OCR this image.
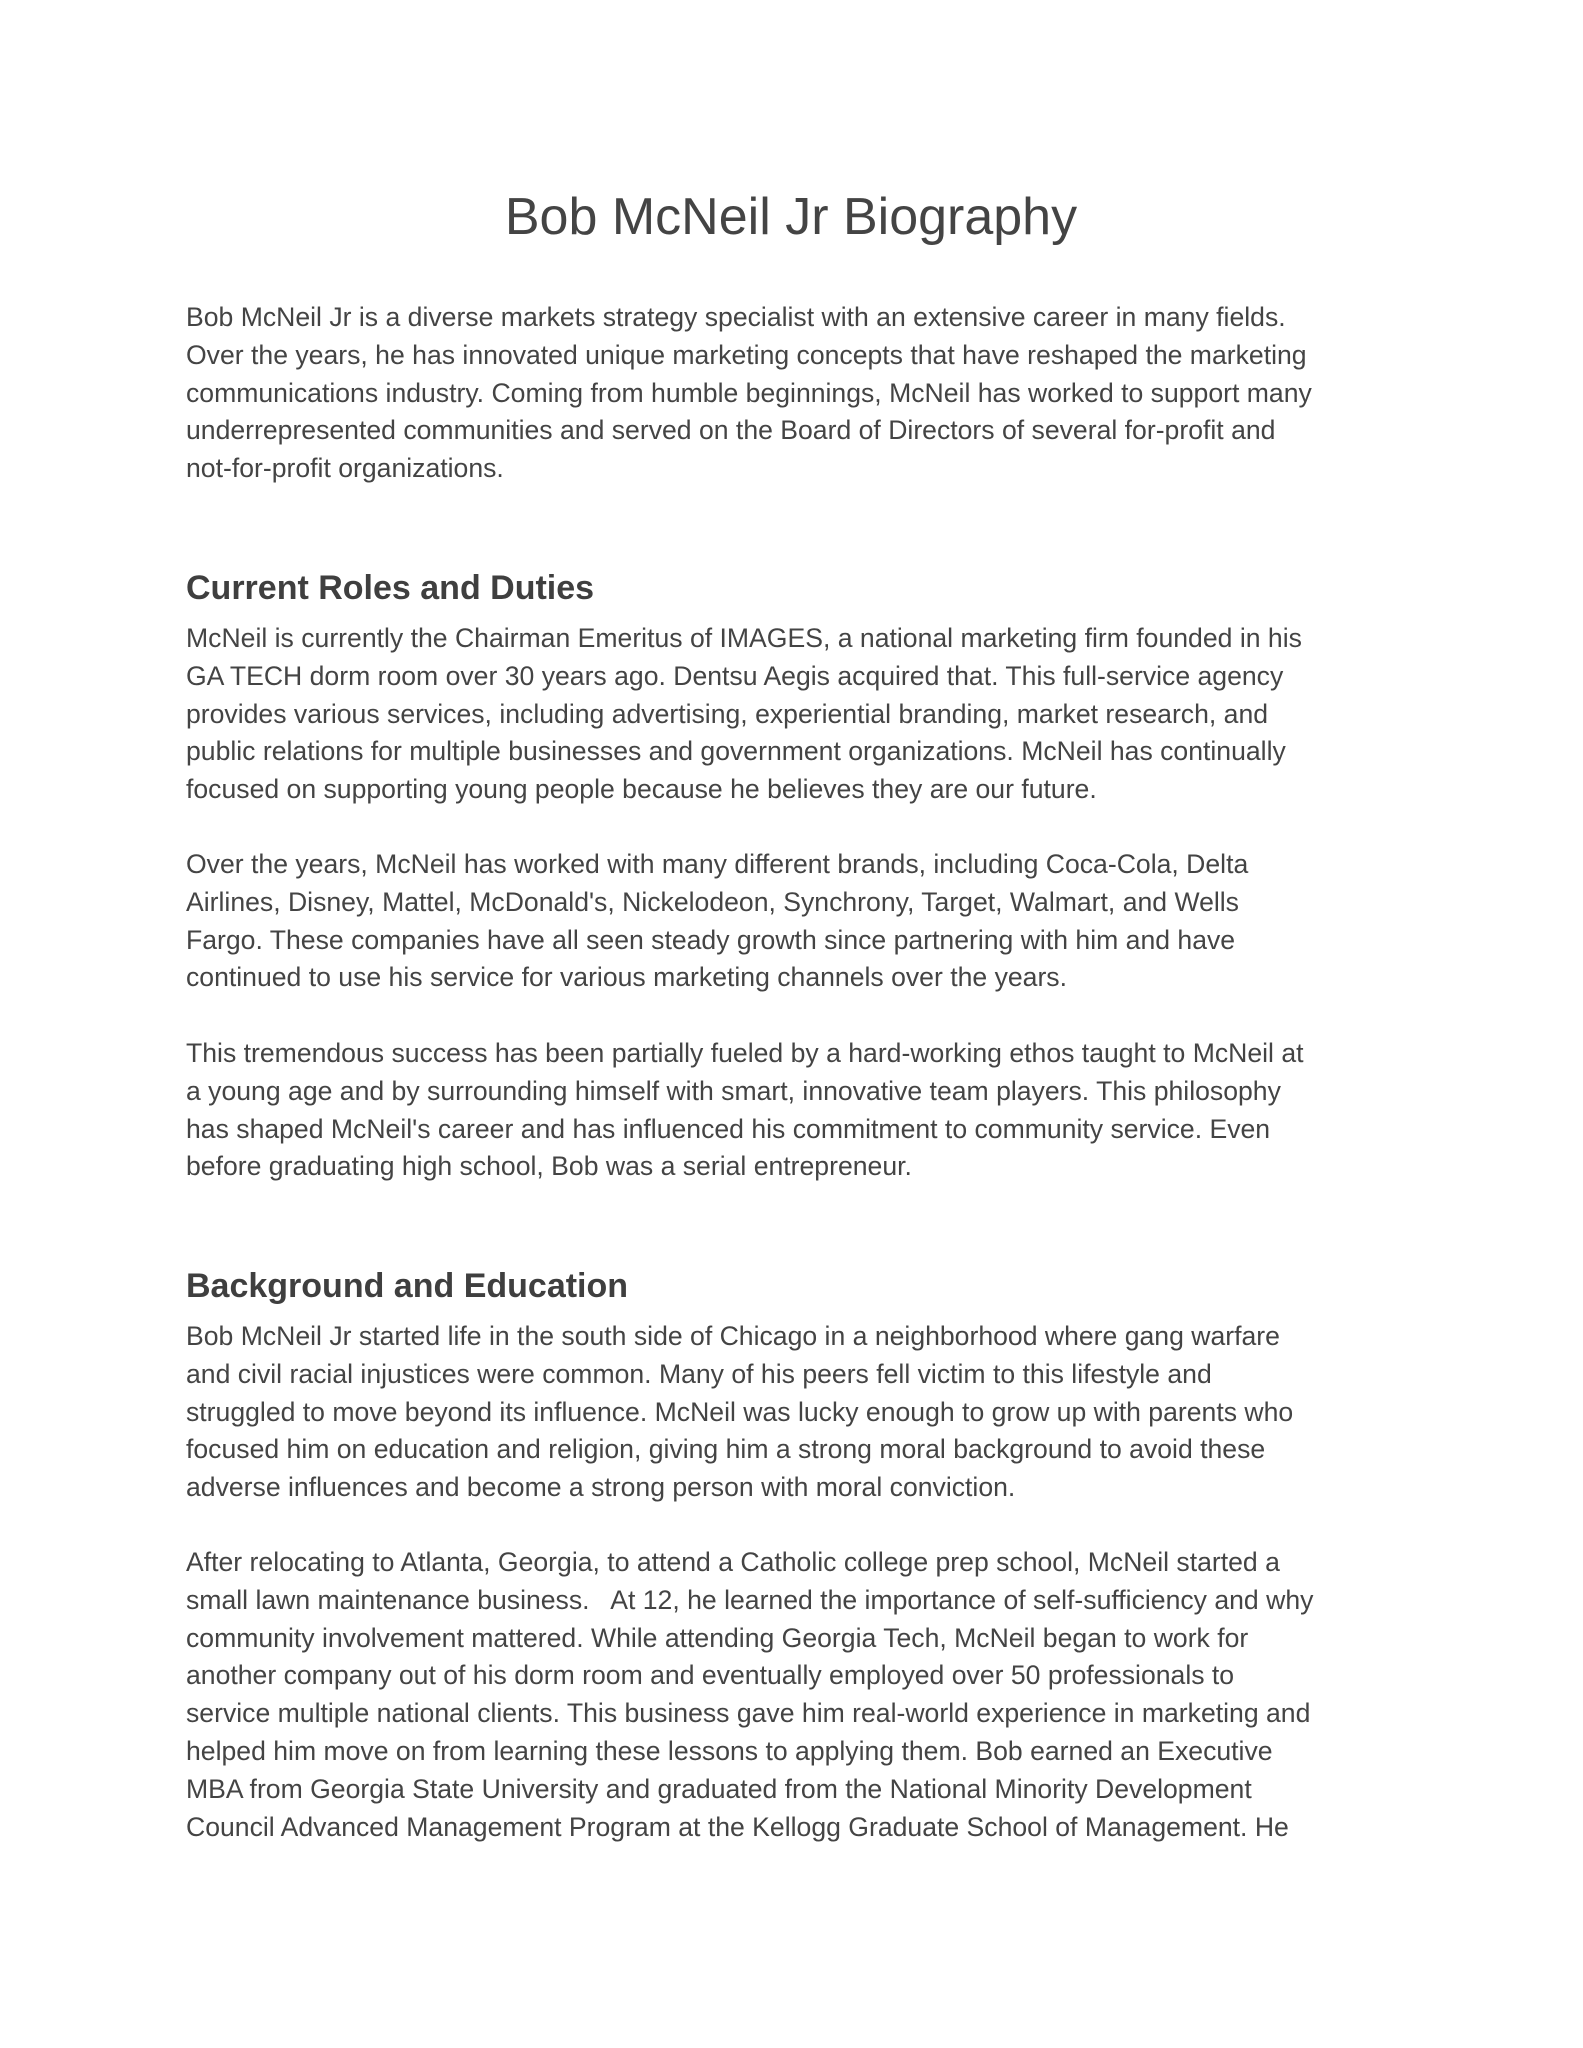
Bob McNeil Jr Biography

Bob McNeil Jr is a diverse markets strategy specialist with an extensive career in many fields.
Over the years, he has innovated unique marketing concepts that have reshaped the marketing
communications industry. Coming from humble beginnings, McNeil has worked to support many
underrepresented communities and served on the Board of Directors of several for-profit and
not-for-profit organizations.

Current Roles and Duties

McNeil is currently the Chairman Emeritus of IMAGES, a national marketing firm founded in his
GA TECH dorm room over 30 years ago. Dentsu Aegis acquired that. This full-service agency
provides various services, including advertising, experiential branding, market research, and
public relations for multiple businesses and government organizations. McNeil has continually
focused on supporting young people because he believes they are our future.

Over the years, McNeil has worked with many different brands, including Coca-Cola, Delta
Airlines, Disney, Mattel, McDonald's, Nickelodeon, Synchrony, Target, Walmart, and Wells
Fargo. These companies have all seen steady growth since partnering with him and have
continued to use his service for various marketing channels over the years.

This tremendous success has been partially fueled by a hard-working ethos taught to McNeil at
a young age and by surrounding himself with smart, innovative team players. This philosophy
has shaped McNeil's career and has influenced his commitment to community service. Even
before graduating high school, Bob was a serial entrepreneur.

Background and Education

Bob McNeil Jr started life in the south side of Chicago in a neighborhood where gang warfare
and civil racial injustices were common. Many of his peers fell victim to this lifestyle and
struggled to move beyond its influence. McNeil was lucky enough to grow up with parents who
focused him on education and religion, giving him a strong moral background to avoid these
adverse influences and become a strong person with moral conviction.

After relocating to Atlanta, Georgia, to attend a Catholic college prep school, McNeil started a
small lawn maintenance business.   At 12, he learned the importance of self-sufficiency and why
community involvement mattered. While attending Georgia Tech, McNeil began to work for
another company out of his dorm room and eventually employed over 50 professionals to
service multiple national clients. This business gave him real-world experience in marketing and
helped him move on from learning these lessons to applying them. Bob earned an Executive
MBA from Georgia State University and graduated from the National Minority Development
Council Advanced Management Program at the Kellogg Graduate School of Management. He
